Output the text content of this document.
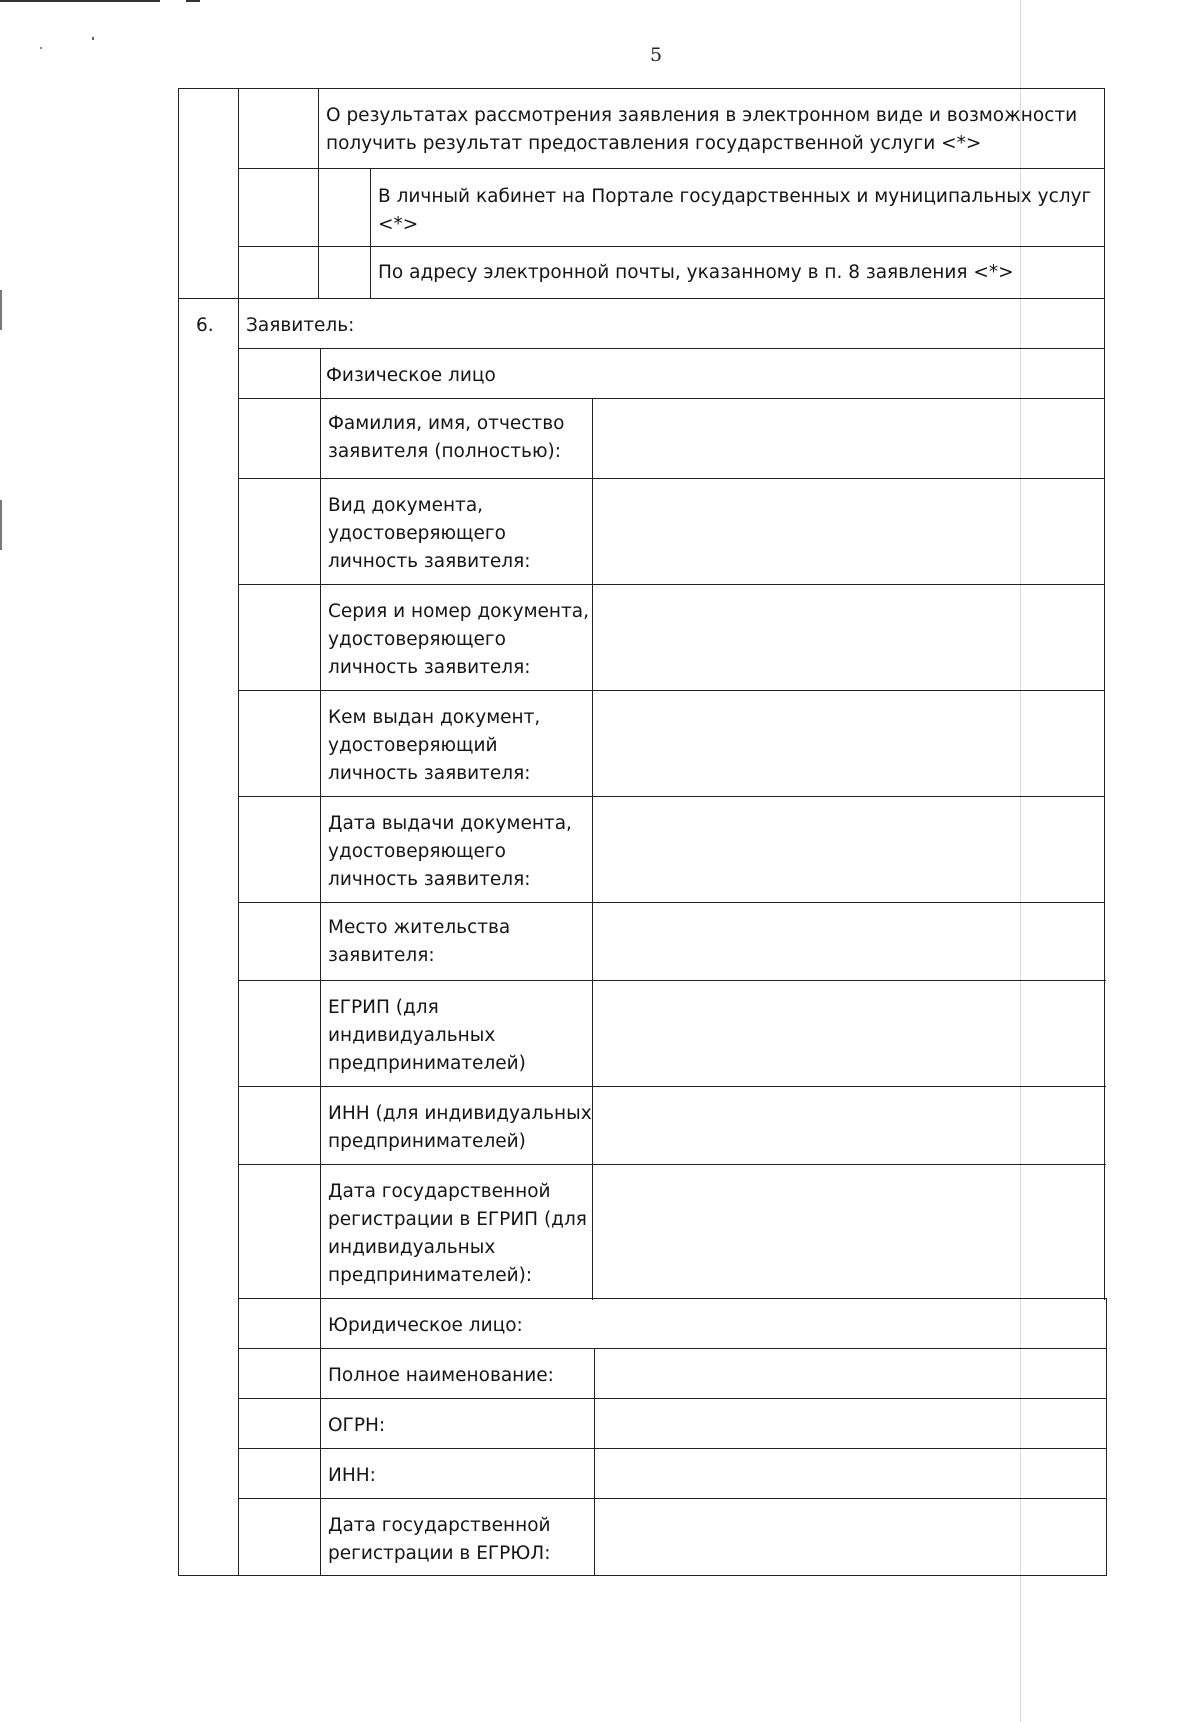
5
О результатах рассмотрения заявления в электронном виде и возможности получить результат предоставления государственной услуги <*>
В личный кабинет на Портале государственных и муниципальных услуг <*>
По адресу электронной почты, указанному в п. 8 заявления <*>
6. Заявитель:
Физическое лицо
Фамилия, имя, отчество
заявителя (полностью):
Вид документа,
удостоверяющего
личность заявителя:
Серия и номер документа,
удостоверяющего
личность заявителя:
Кем выдан документ,
удостоверяющий
личность заявителя:
Дата выдачи документа,
удостоверяющего
личность заявителя:
Место жительства
заявителя:
ЕГРИП (для
индивидуальных
предпринимателей)
ИНН (для индивидуальных
предпринимателей)
Дата государственной
регистрации в ЕГРИП (для
индивидуальных
предпринимателей):
Юридическое лицо:
Полное наименование:
ОГРН:
ИНН:
Дата государственной
регистрации в ЕГРЮЛ:
